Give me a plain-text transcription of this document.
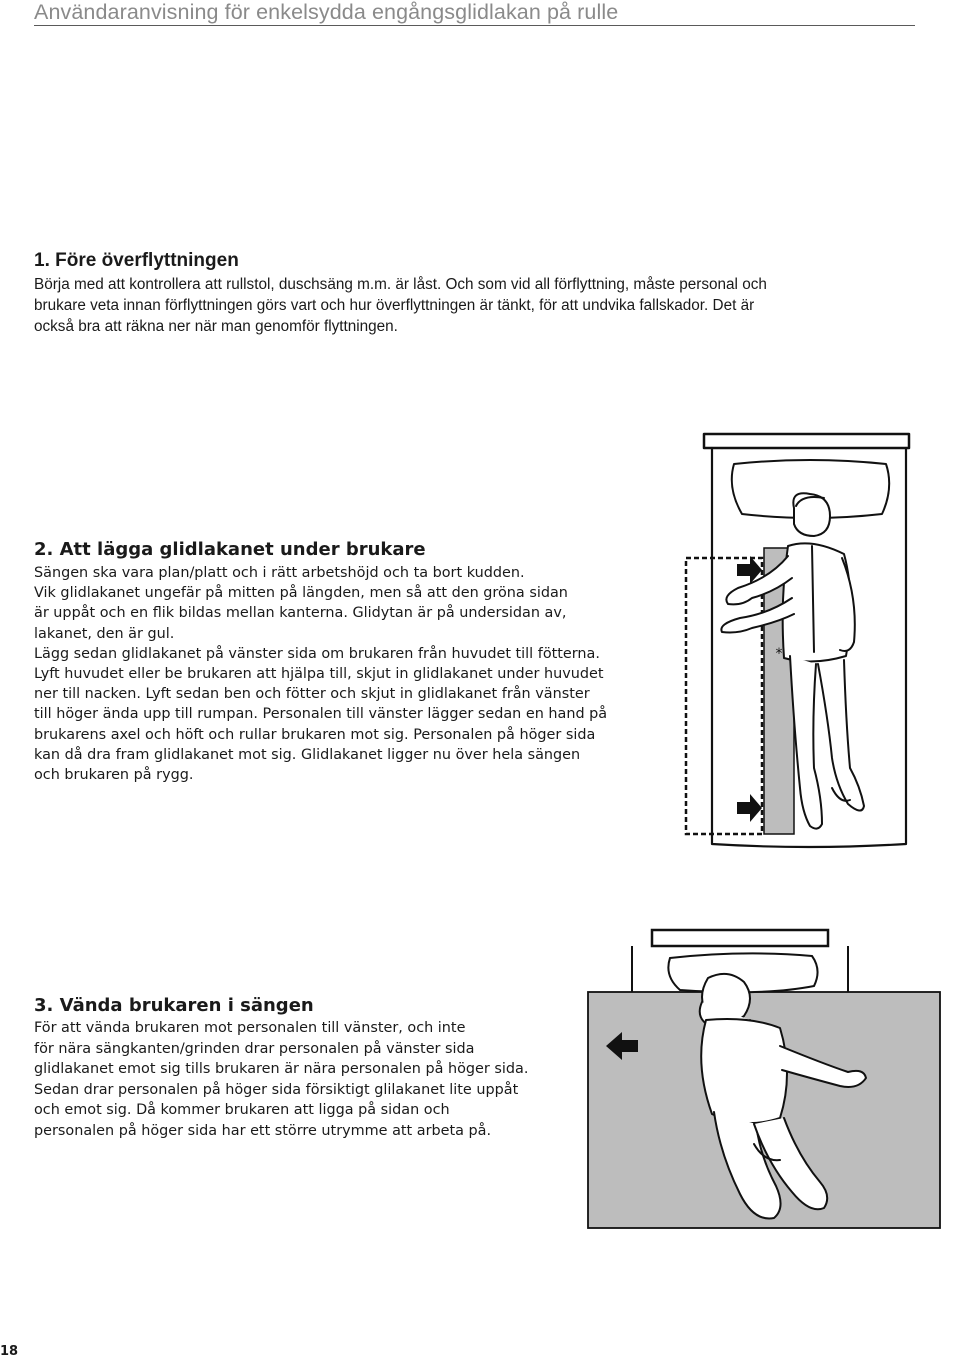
Användaranvisning för enkelsydda engångsglidlakan på rulle
1. Före överflyttningen
Börja med att kontrollera att rullstol, duschsäng m.m. är låst. Och som vid all förflyttning, måste personal och
brukare veta innan förflyttningen görs vart och hur överflyttningen är tänkt, för att undvika fallskador. Det är
också bra att räkna ner när man genomför flyttningen.
2. Att lägga glidlakanet under brukare
Sängen ska vara plan/platt och i rätt arbetshöjd och ta bort kudden.
Vik glidlakanet ungefär på mitten på längden, men så att den gröna sidan
är uppåt och en flik bildas mellan kanterna. Glidytan är på undersidan av,
lakanet, den är gul.
Lägg sedan glidlakanet på vänster sida om brukaren från huvudet till fötterna.
Lyft huvudet eller be brukaren att hjälpa till, skjut in glidlakanet under huvudet
ner till nacken. Lyft sedan ben och fötter och skjut in glidlakanet från vänster
till höger ända upp till rumpan. Personalen till vänster lägger sedan en hand på
brukarens axel och höft och rullar brukaren mot sig. Personalen på höger sida
kan då dra fram glidlakanet mot sig. Glidlakanet ligger nu över hela sängen
och brukaren på rygg.
*
3. Vända brukaren i sängen
För att vända brukaren mot personalen till vänster, och inte
för nära sängkanten/grinden drar personalen på vänster sida
glidlakanet emot sig tills brukaren är nära personalen på höger sida.
Sedan drar personalen på höger sida försiktigt glilakanet lite uppåt
och emot sig. Då kommer brukaren att ligga på sidan och
personalen på höger sida har ett större utrymme att arbeta på.
18
